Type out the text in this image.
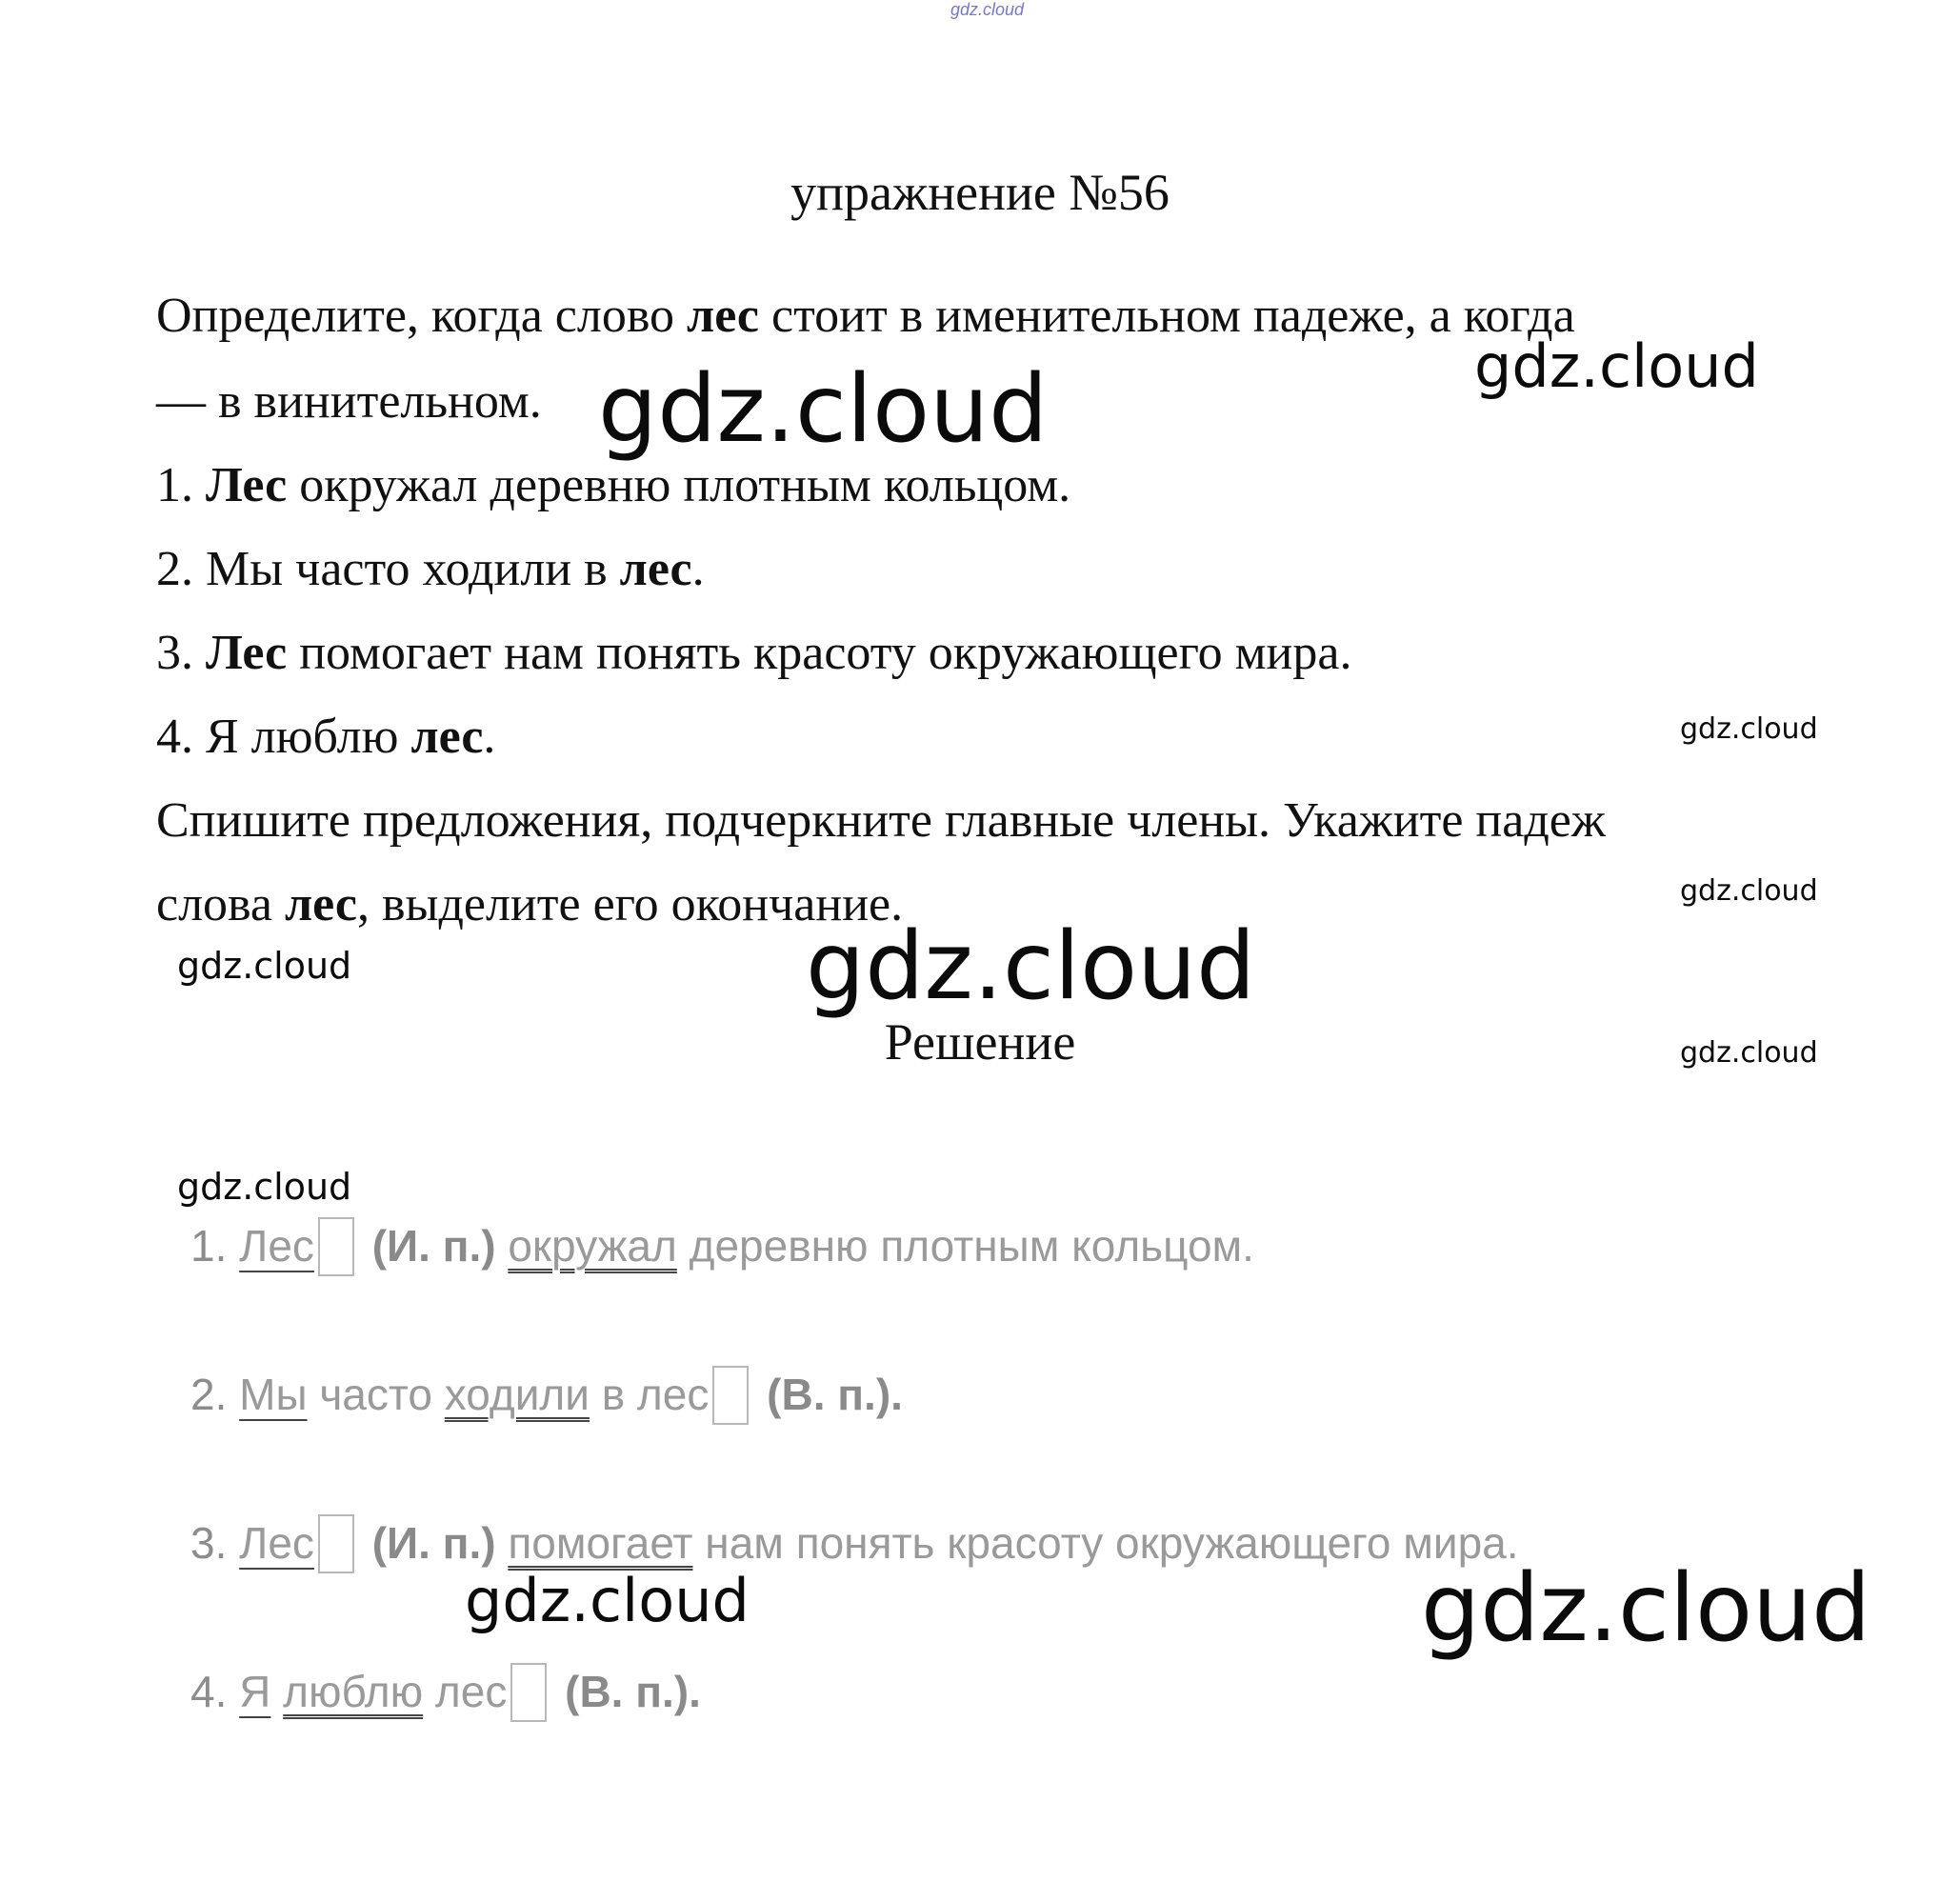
gdz.cloud
упражнение №56
Определите, когда слово лес стоит в именительном падеже, а когда
— в винительном.
1. Лес окружал деревню плотным кольцом.
2. Мы часто ходили в лес.
3. Лес помогает нам понять красоту окружающего мира.
4. Я люблю лес.
Спишите предложения, подчеркните главные члены. Укажите падеж
слова лес, выделите его окончание.
Решение
1. Лес (И. п.) окружал деревню плотным кольцом.
2. Мы часто ходили в лес (В. п.).
3. Лес (И. п.) помогает нам понять красоту окружающего мира.
4. Я люблю лес (В. п.).
gdz.cloud
gdz.cloud
gdz.cloud
gdz.cloud
gdz.cloud	gdz.cloud
gdz.cloud
gdz.cloud
gdz.cloud	gdz.cloud
